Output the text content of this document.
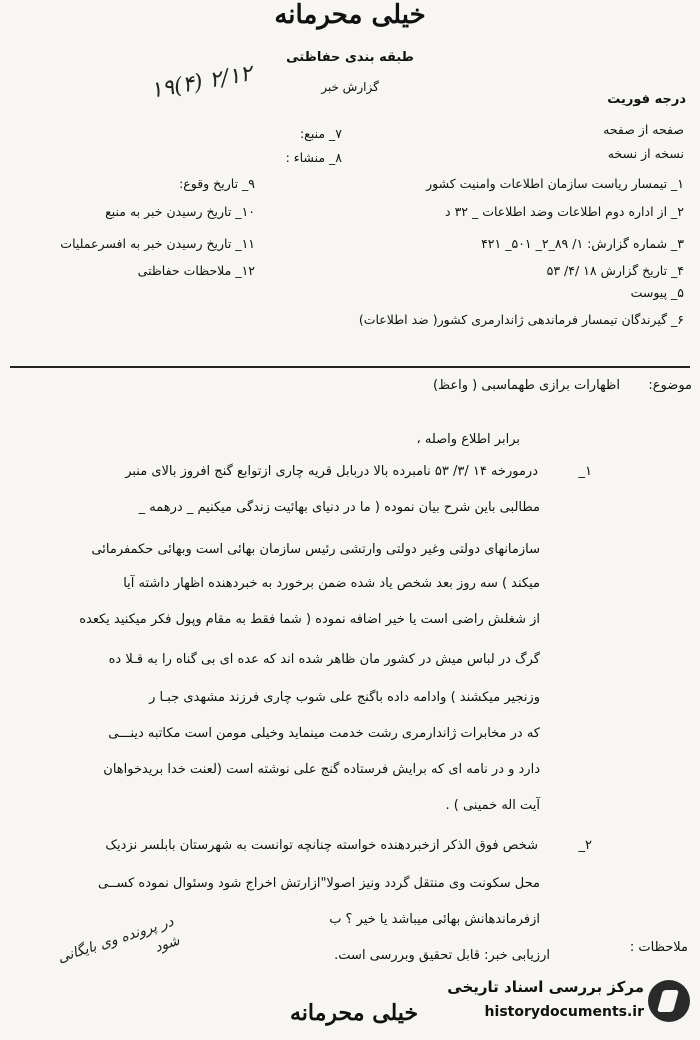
خیلی محرمانه
طبقه بندی حفاظتی
گزارش خبر
۲/۱۲ (۴)۱۹
درجه فوریت
صفحه از صفحه
نسخه از نسخه
۱_ تیمسار ریاست سازمان اطلاعات وامنیت کشور
۲_ از اداره دوم اطلاعات وضد اطلاعات _ ۳۲ د
۳_ شماره گزارش: ۱/ ۸۹_۲_ ۵۰۱_ ۴۲۱
۴_ تاریخ گزارش ۱۸ /۴/ ۵۳
۵_ پیوست
۶_ گیرندگان تیمسار فرماندهی ژاندارمری کشور( ضد اطلاعات)
۷_ منبع:
۸_ منشاء :
۹_ تاریخ وقوع:
۱۰_ تاریخ رسیدن خبر به منبع
۱۱_ تاریخ رسیدن خبر به افسرعملیات
۱۲_ ملاحظات حفاظتی
موضوع:
اظهارات برازی طهماسبی ( واعظ)
برابر اطلاع واصله ،
۱_
درمورخه ۱۴ /۳/ ۵۳ نامبرده بالا دربابل قریه چاری ازتوابع گنج افروز بالای منبر
مطالبی باین شرح بیان نموده ( ما در دنیای بهائیت زندگی میکنیم _ درهمه _
سازمانهای دولتی وغیر دولتی وارتشی رئیس سازمان بهائی است وبهائی حکمفرمائی
میکند ) سه روز بعد شخص یاد شده ضمن برخورد به خبردهنده اظهار داشته آیا
از شغلش راضی است یا خیر اضافه نموده ( شما فقط به مقام وپول فکر میکنید یکعده
گرگ در لباس میش در کشور مان ظاهر شده اند که عده ای بی گناه را به قـلا ده
وزنجیر میکشند ) وادامه داده باگنج علی شوب چاری فرزند مشهدی جبـا ر
که در مخابرات ژاندارمری رشت خدمت مینماید وخیلی مومن است مکاتبه دینـــی
دارد و در نامه ای که برایش فرستاده گنج علی نوشته است (لعنت خدا بریدخواهان
آیت اله خمینی ) .
۲_
شخص فوق الذکر ازخبردهنده خواسته چنانچه توانست به شهرستان بابلسر نزدیک
محل سکونت وی منتقل گردد ونیز اصولا"ازارتش اخراج شود وسئوال نموده کســی
ازفرماندهانش بهائی میباشد یا خیر ؟ ب
ملاحظات :
ارزیابی خبر: قابل تحقیق وبررسی است.
در پرونده وی بایگانی شود
خیلی محرمانه
مرکز بررسی اسناد تاریخی
historydocuments.ir
